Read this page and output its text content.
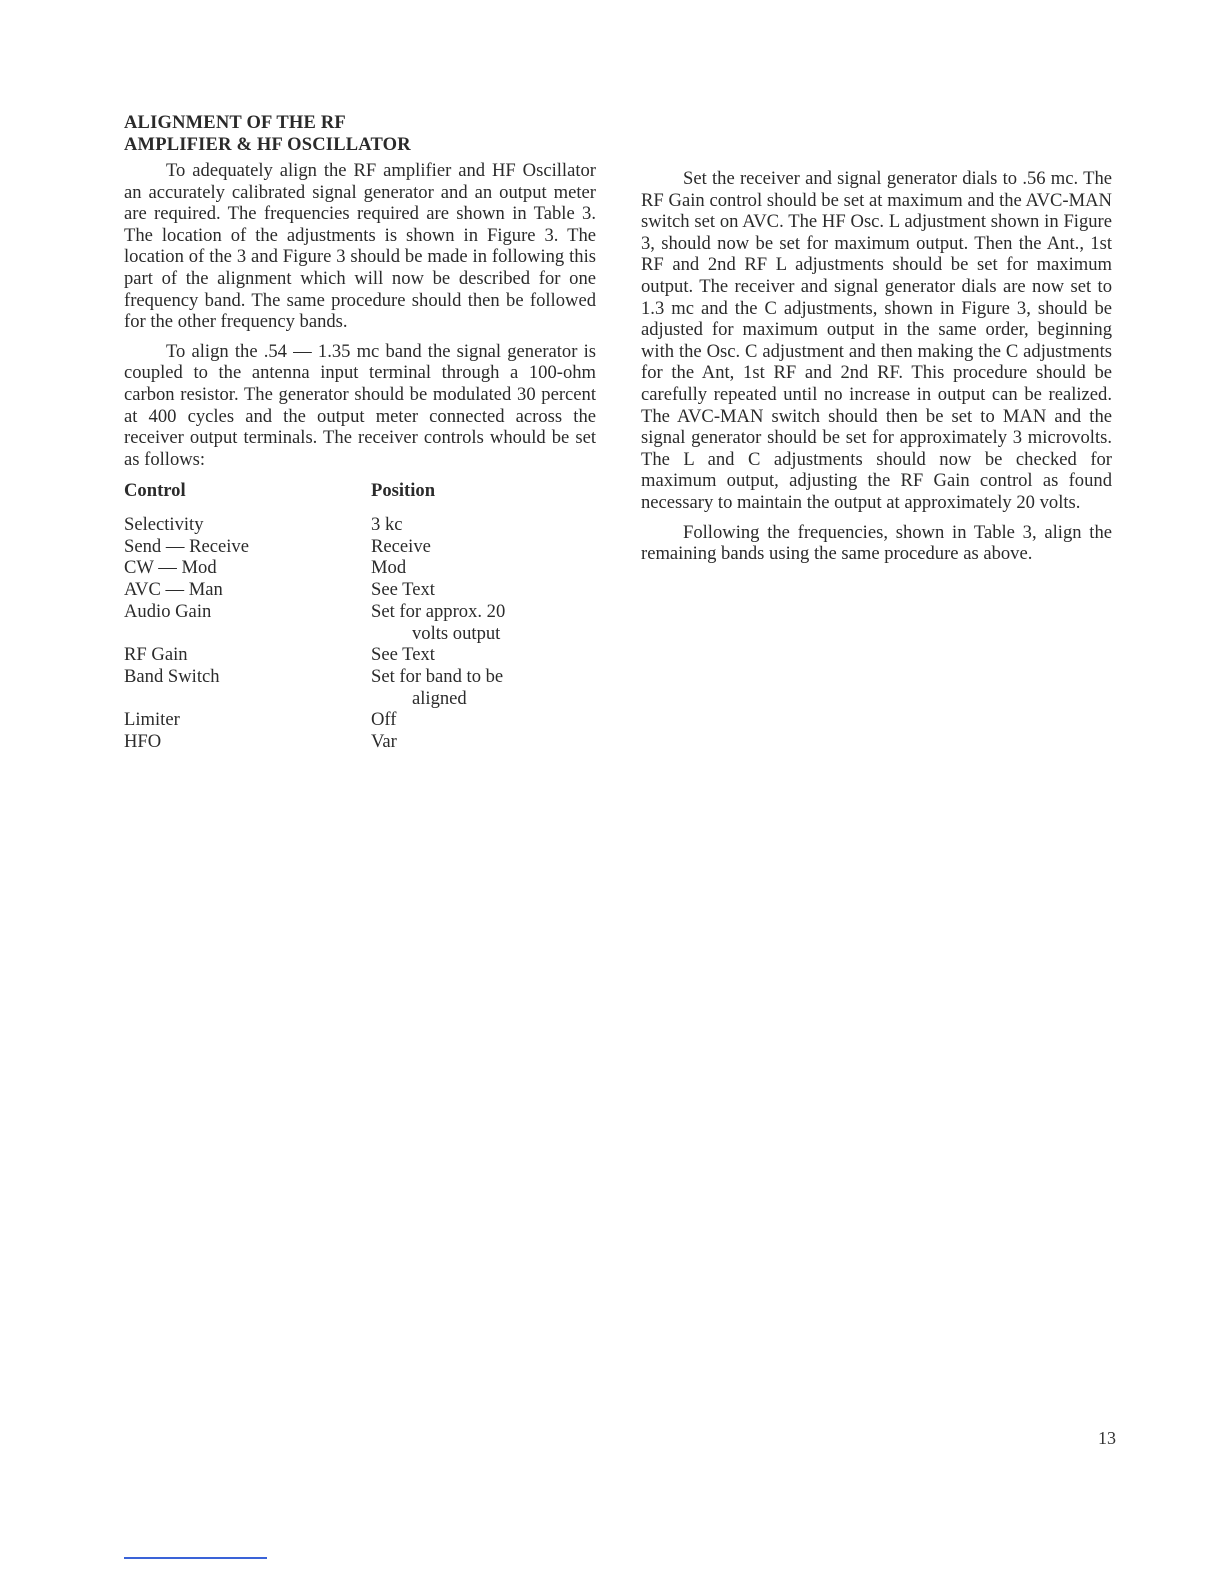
ALIGNMENT OF THE RF
AMPLIFIER & HF OSCILLATOR

To adequately align the RF amplifier and HF Oscillator an accurately calibrated signal generator and an output meter are required. The frequencies required are shown in Table 3. The location of the adjustments is shown in Figure 3. The location of the 3 and Figure 3 should be made in following this part of the alignment which will now be described for one frequency band. The same procedure should then be followed for the other frequency bands.

To align the .54 — 1.35 mc band the signal generator is coupled to the antenna input terminal through a 100-ohm carbon resistor. The generator should be modulated 30 percent at 400 cycles and the output meter connected across the receiver output terminals. The receiver controls whould be set as follows:

Control	Position
Selectivity	3 kc
Send — Receive	Receive
CW — Mod	Mod
AVC — Man	See Text
Audio Gain	Set for approx. 20
volts output
RF Gain	See Text
Band Switch	Set for band to be
aligned
Limiter	Off
HFO	Var

Set the receiver and signal generator dials to .56 mc. The RF Gain control should be set at maximum and the AVC-MAN switch set on AVC. The HF Osc. L adjustment shown in Figure 3, should now be set for maximum output. Then the Ant., 1st RF and 2nd RF L adjustments should be set for maximum output. The receiver and signal generator dials are now set to 1.3 mc and the C adjustments, shown in Figure 3, should be adjusted for maximum output in the same order, beginning with the Osc. C adjustment and then making the C adjustments for the Ant, 1st RF and 2nd RF. This procedure should be carefully repeated until no increase in output can be realized. The AVC-MAN switch should then be set to MAN and the signal generator should be set for approximately 3 microvolts. The L and C adjustments should now be checked for maximum output, adjusting the RF Gain control as found necessary to maintain the output at approximately 20 volts.

Following the frequencies, shown in Table 3, align the remaining bands using the same procedure as above.

13
